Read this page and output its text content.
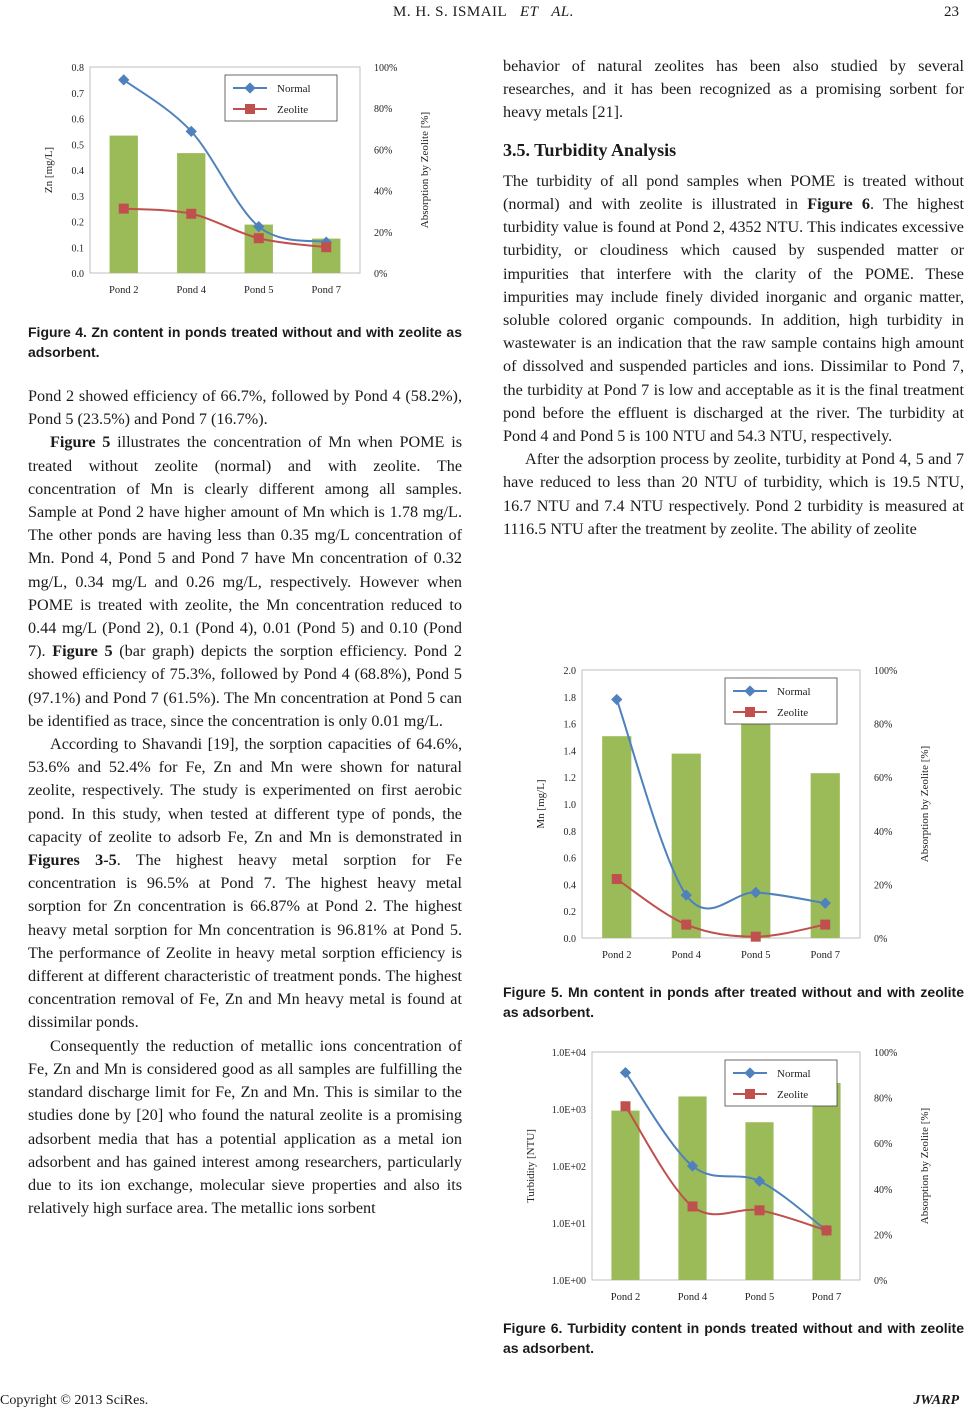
M. H. S. ISMAIL ET AL.	23
0.0
0.1
0.2
0.3
0.4
0.5
0.6
0.7
0.8
0%
20%
40%
60%
80%
100%
Zn [mg/L]	Absorption by Zeolite [%]
Pond 2	Pond 4	Pond 5	Pond 7
Normal
Zeolite
Figure 4. Zn content in ponds treated without and with zeolite as adsorbent.

Pond 2 showed efficiency of 66.7%, followed by Pond 4 (58.2%), Pond 5 (23.5%) and Pond 7 (16.7%).

Figure 5 illustrates the concentration of Mn when POME is treated without zeolite (normal) and with zeolite. The concentration of Mn is clearly different among all samples. Sample at Pond 2 have higher amount of Mn which is 1.78 mg/L. The other ponds are having less than 0.35 mg/L concentration of Mn. Pond 4, Pond 5 and Pond 7 have Mn concentration of 0.32 mg/L, 0.34 mg/L and 0.26 mg/L, respectively. However when POME is treated with zeolite, the Mn concentration reduced to 0.44 mg/L (Pond 2), 0.1 (Pond 4), 0.01 (Pond 5) and 0.10 (Pond 7). Figure 5 (bar graph) depicts the sorption efficiency. Pond 2 showed efficiency of 75.3%, followed by Pond 4 (68.8%), Pond 5 (97.1%) and Pond 7 (61.5%). The Mn concentration at Pond 5 can be identified as trace, since the concentration is only 0.01 mg/L.

According to Shavandi [19], the sorption capacities of 64.6%, 53.6% and 52.4% for Fe, Zn and Mn were shown for natural zeolite, respectively. The study is experimented on first aerobic pond. In this study, when tested at different type of ponds, the capacity of zeolite to adsorb Fe, Zn and Mn is demonstrated in Figures 3-5. The highest heavy metal sorption for Fe concentration is 96.5% at Pond 7. The highest heavy metal sorption for Zn concentration is 66.87% at Pond 2. The highest heavy metal sorption for Mn concentration is 96.81% at Pond 5. The performance of Zeolite in heavy metal sorption efficiency is different at different characteristic of treatment ponds. The highest concentration removal of Fe, Zn and Mn heavy metal is found at dissimilar ponds.

Consequently the reduction of metallic ions concentration of Fe, Zn and Mn is considered good as all samples are fulfilling the standard discharge limit for Fe, Zn and Mn. This is similar to the studies done by [20] who found the natural zeolite is a promising adsorbent media that has a potential application as a metal ion adsorbent and has gained interest among researchers, particularly due to its ion exchange, molecular sieve properties and also its relatively high surface area. The metallic ions sorbent

behavior of natural zeolites has been also studied by several researches, and it has been recognized as a promising sorbent for heavy metals [21].

3.5. Turbidity Analysis

The turbidity of all pond samples when POME is treated without (normal) and with zeolite is illustrated in Figure 6. The highest turbidity value is found at Pond 2, 4352 NTU. This indicates excessive turbidity, or cloudiness which caused by suspended matter or impurities that interfere with the clarity of the POME. These impurities may include finely divided inorganic and organic matter, soluble colored organic compounds. In addition, high turbidity in wastewater is an indication that the raw sample contains high amount of dissolved and suspended particles and ions. Dissimilar to Pond 7, the turbidity at Pond 7 is low and acceptable as it is the final treatment pond before the effluent is discharged at the river. The turbidity at Pond 4 and Pond 5 is 100 NTU and 54.3 NTU, respectively.

After the adsorption process by zeolite, turbidity at Pond 4, 5 and 7 have reduced to less than 20 NTU of turbidity, which is 19.5 NTU, 16.7 NTU and 7.4 NTU respectively. Pond 2 turbidity is measured at 1116.5 NTU after the treatment by zeolite. The ability of zeolite

0.0
0.2
0.4
0.6
0.8
1.0
1.2
1.4
1.6
1.8
2.0
0%
20%
40%
60%
80%
100%
Mn [mg/L]	Absorption by Zeolite [%]
Pond 2	Pond 4	Pond 5	Pond 7
Normal
Zeolite
Figure 5. Mn content in ponds after treated without and with zeolite as adsorbent.
1.0E+00
1.0E+01
1.0E+02
1.0E+03
1.0E+04
0%
20%
40%
60%
80%
100%
Turbidity [NTU]	Absorption by Zeolite [%]
Pond 2	Pond 4	Pond 5	Pond 7
Normal
Zeolite
Figure 6. Turbidity content in ponds treated without and with zeolite as adsorbent.
Copyright © 2013 SciRes.	JWARP
